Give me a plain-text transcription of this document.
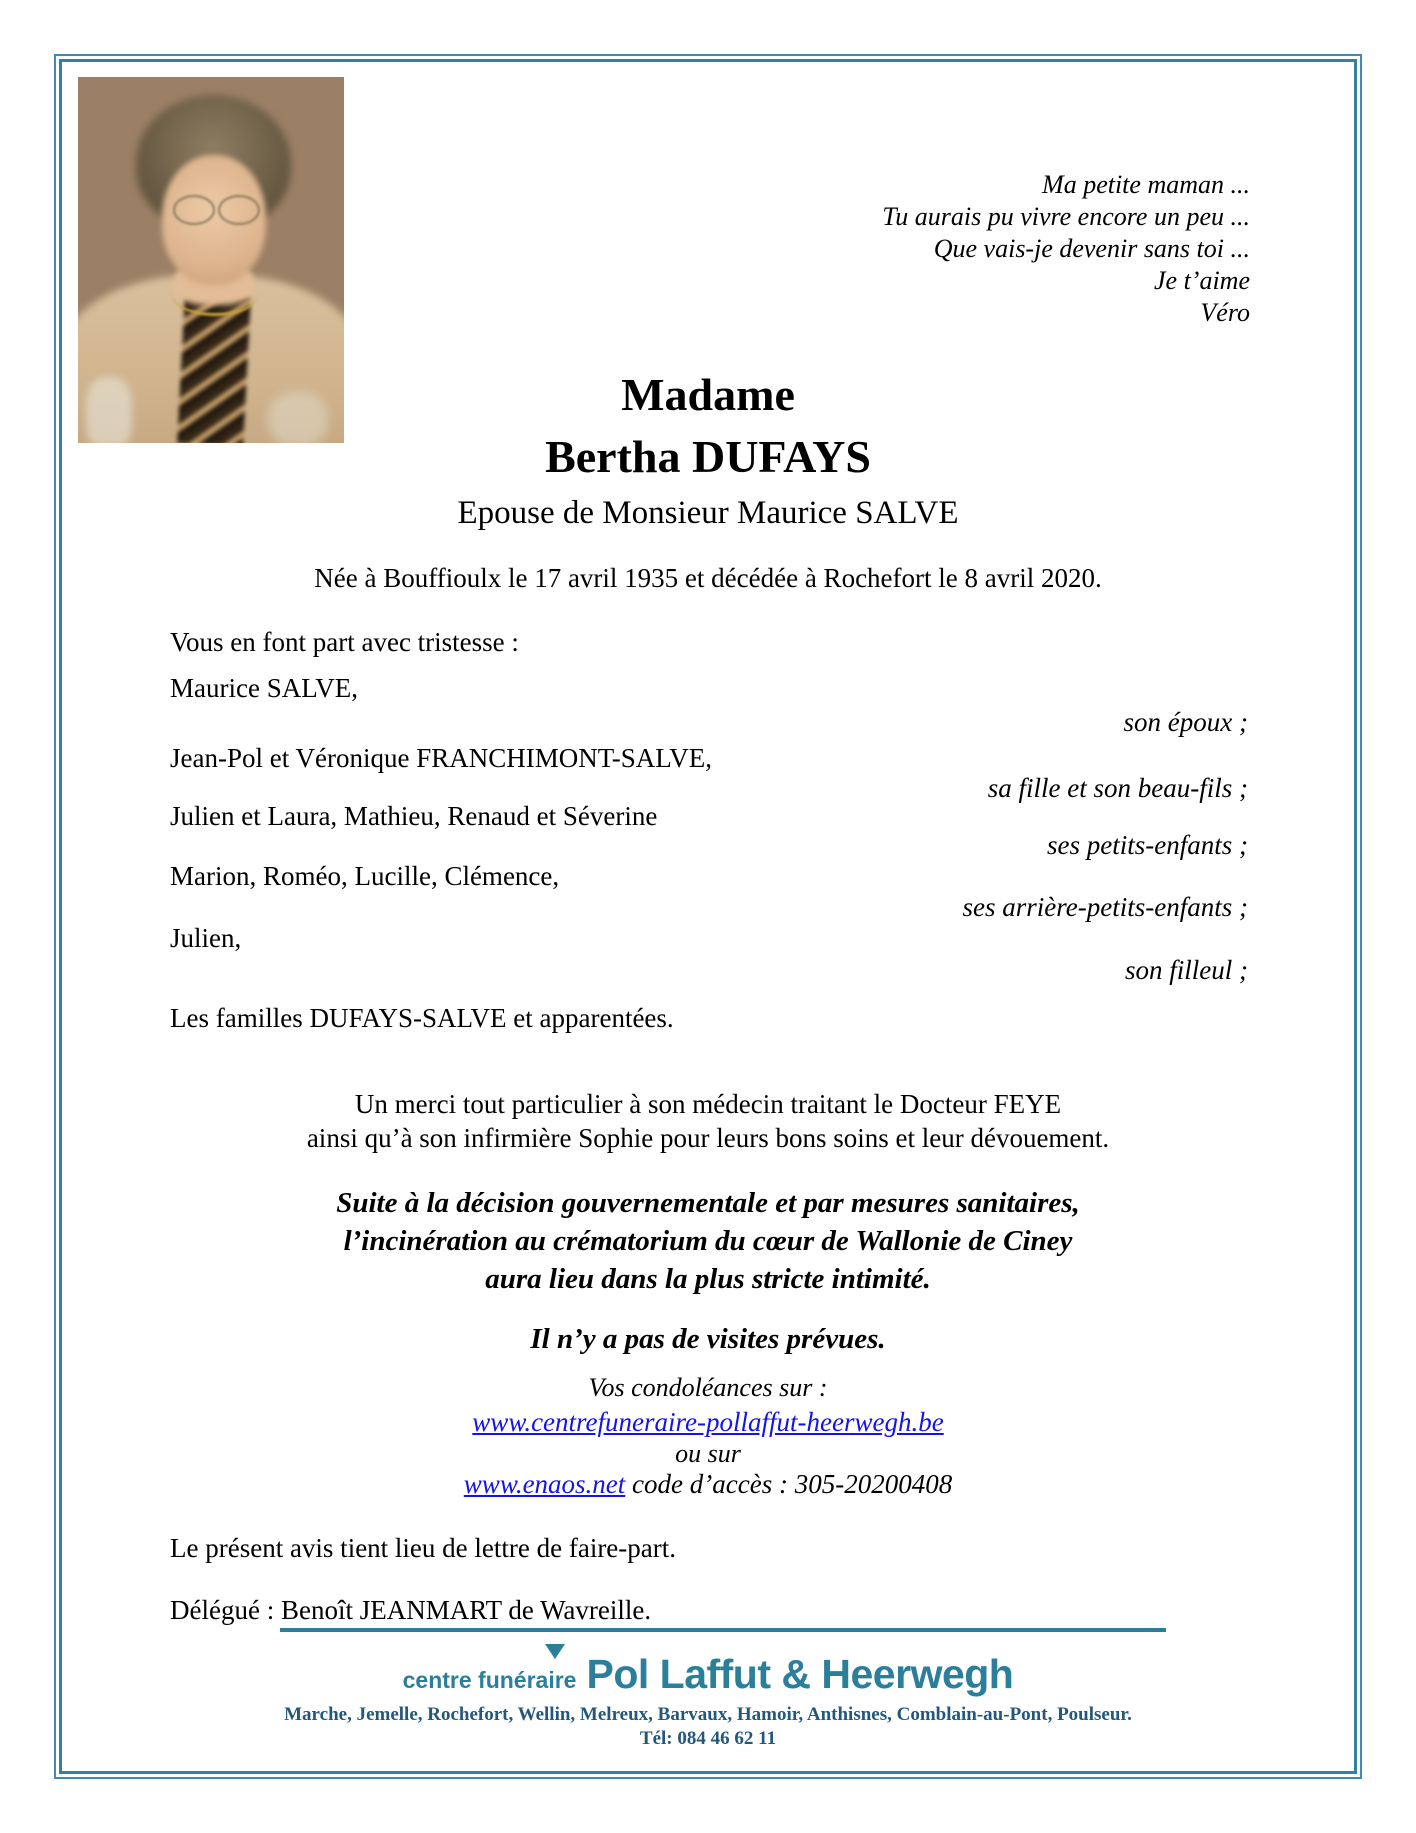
Ma petite maman ...
Tu aurais pu vivre encore un peu ...
Que vais-je devenir sans toi ...
Je t’aime
Véro
Madame
Bertha DUFAYS
Epouse de Monsieur Maurice SALVE
Née à Bouffioulx le 17 avril 1935 et décédée à Rochefort le 8 avril 2020.
Vous en font part avec tristesse :
Maurice SALVE,
son époux ;
Jean-Pol et Véronique FRANCHIMONT-SALVE,
sa fille et son beau-fils ;
Julien et Laura, Mathieu, Renaud et Séverine
ses petits-enfants ;
Marion, Roméo, Lucille, Clémence,
ses arrière-petits-enfants ;
Julien,
son filleul ;
Les familles DUFAYS-SALVE et apparentées.
Un merci tout particulier à son médecin traitant le Docteur FEYE
ainsi qu’à son infirmière Sophie pour leurs bons soins et leur dévouement.
Suite à la décision gouvernementale et par mesures sanitaires,
l’incinération au crématorium du cœur de Wallonie de Ciney
aura lieu dans la plus stricte intimité.
Il n’y a pas de visites prévues.
Vos condoléances sur :
www.centrefuneraire-pollaffut-heerwegh.be
ou sur
www.enaos.net code d’accès : 305-20200408
Le présent avis tient lieu de lettre de faire-part.
Délégué : Benoît JEANMART de Wavreille.
centre funéraire Pol Laffut & Heerwegh
Marche, Jemelle, Rochefort, Wellin, Melreux, Barvaux, Hamoir, Anthisnes, Comblain-au-Pont, Poulseur.
Tél: 084 46 62 11
